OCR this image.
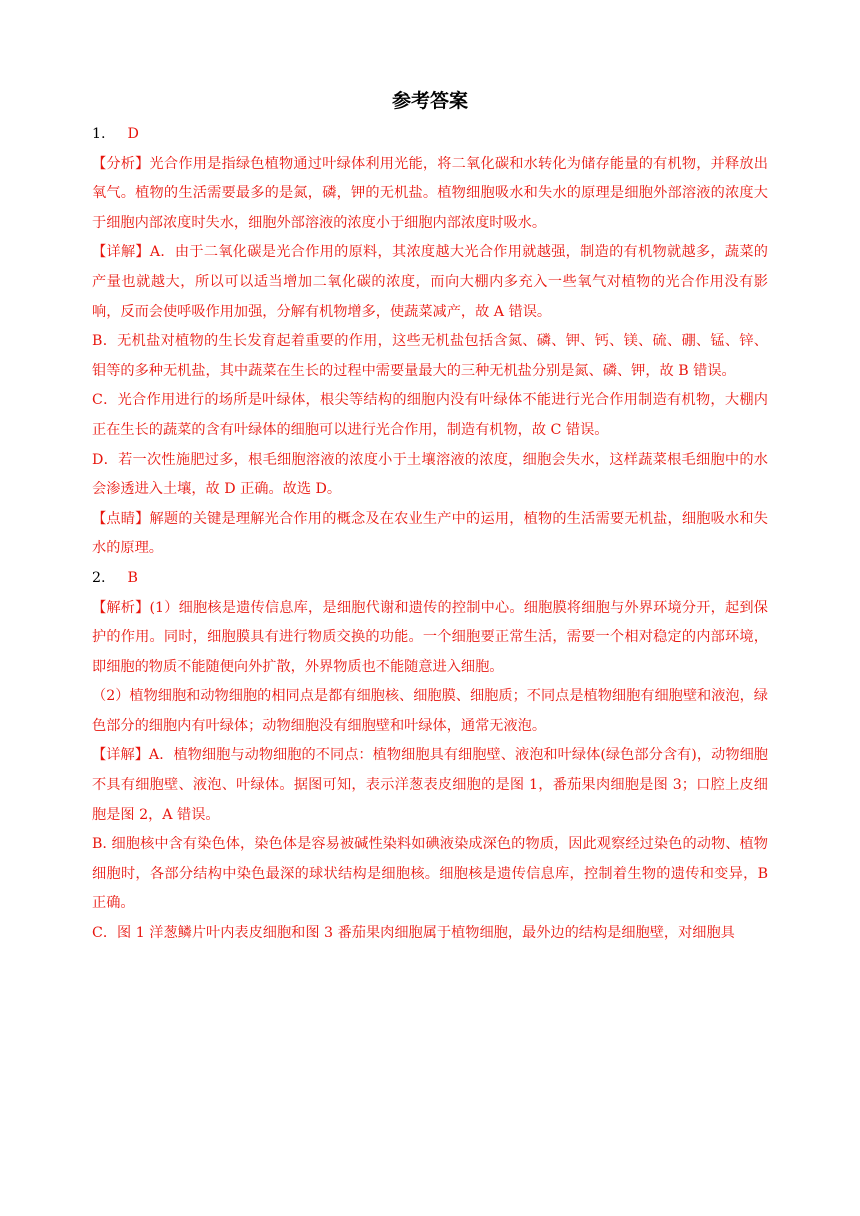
参考答案

1. D

【分析】光合作用是指绿色植物通过叶绿体利用光能，将二氧化碳和水转化为储存能量的有机物，并释放出氧气。植物的生活需要最多的是氮，磷，钾的无机盐。植物细胞吸水和失水的原理是细胞外部溶液的浓度大于细胞内部浓度时失水，细胞外部溶液的浓度小于细胞内部浓度时吸水。

【详解】A．由于二氧化碳是光合作用的原料，其浓度越大光合作用就越强，制造的有机物就越多，蔬菜的产量也就越大，所以可以适当增加二氧化碳的浓度，而向大棚内多充入一些氧气对植物的光合作用没有影响，反而会使呼吸作用加强，分解有机物增多，使蔬菜减产，故 A 错误。

B．无机盐对植物的生长发育起着重要的作用，这些无机盐包括含氮、磷、钾、钙、镁、硫、硼、锰、锌、钼等的多种无机盐，其中蔬菜在生长的过程中需要量最大的三种无机盐分别是氮、磷、钾，故 B 错误。

C．光合作用进行的场所是叶绿体，根尖等结构的细胞内没有叶绿体不能进行光合作用制造有机物，大棚内正在生长的蔬菜的含有叶绿体的细胞可以进行光合作用，制造有机物，故 C 错误。

D．若一次性施肥过多，根毛细胞溶液的浓度小于土壤溶液的浓度，细胞会失水，这样蔬菜根毛细胞中的水会渗透进入土壤，故 D 正确。故选 D。

【点睛】解题的关键是理解光合作用的概念及在农业生产中的运用，植物的生活需要无机盐，细胞吸水和失水的原理。

2. B

【解析】(1）细胞核是遗传信息库，是细胞代谢和遗传的控制中心。细胞膜将细胞与外界环境分开，起到保护的作用。同时，细胞膜具有进行物质交换的功能。一个细胞要正常生活，需要一个相对稳定的内部环境，即细胞的物质不能随便向外扩散，外界物质也不能随意进入细胞。

（2）植物细胞和动物细胞的相同点是都有细胞核、细胞膜、细胞质；不同点是植物细胞有细胞壁和液泡，绿色部分的细胞内有叶绿体；动物细胞没有细胞壁和叶绿体，通常无液泡。

【详解】A．植物细胞与动物细胞的不同点：植物细胞具有细胞壁、液泡和叶绿体(绿色部分含有)，动物细胞不具有细胞壁、液泡、叶绿体。据图可知，表示洋葱表皮细胞的是图 1，番茄果肉细胞是图 3；口腔上皮细胞是图 2，A 错误。

B. 细胞核中含有染色体，染色体是容易被碱性染料如碘液染成深色的物质，因此观察经过染色的动物、植物细胞时，各部分结构中染色最深的球状结构是细胞核。细胞核是遗传信息库，控制着生物的遗传和变异，B 正确。

C．图 1 洋葱鳞片叶内表皮细胞和图 3 番茄果肉细胞属于植物细胞，最外边的结构是细胞壁，对细胞具
